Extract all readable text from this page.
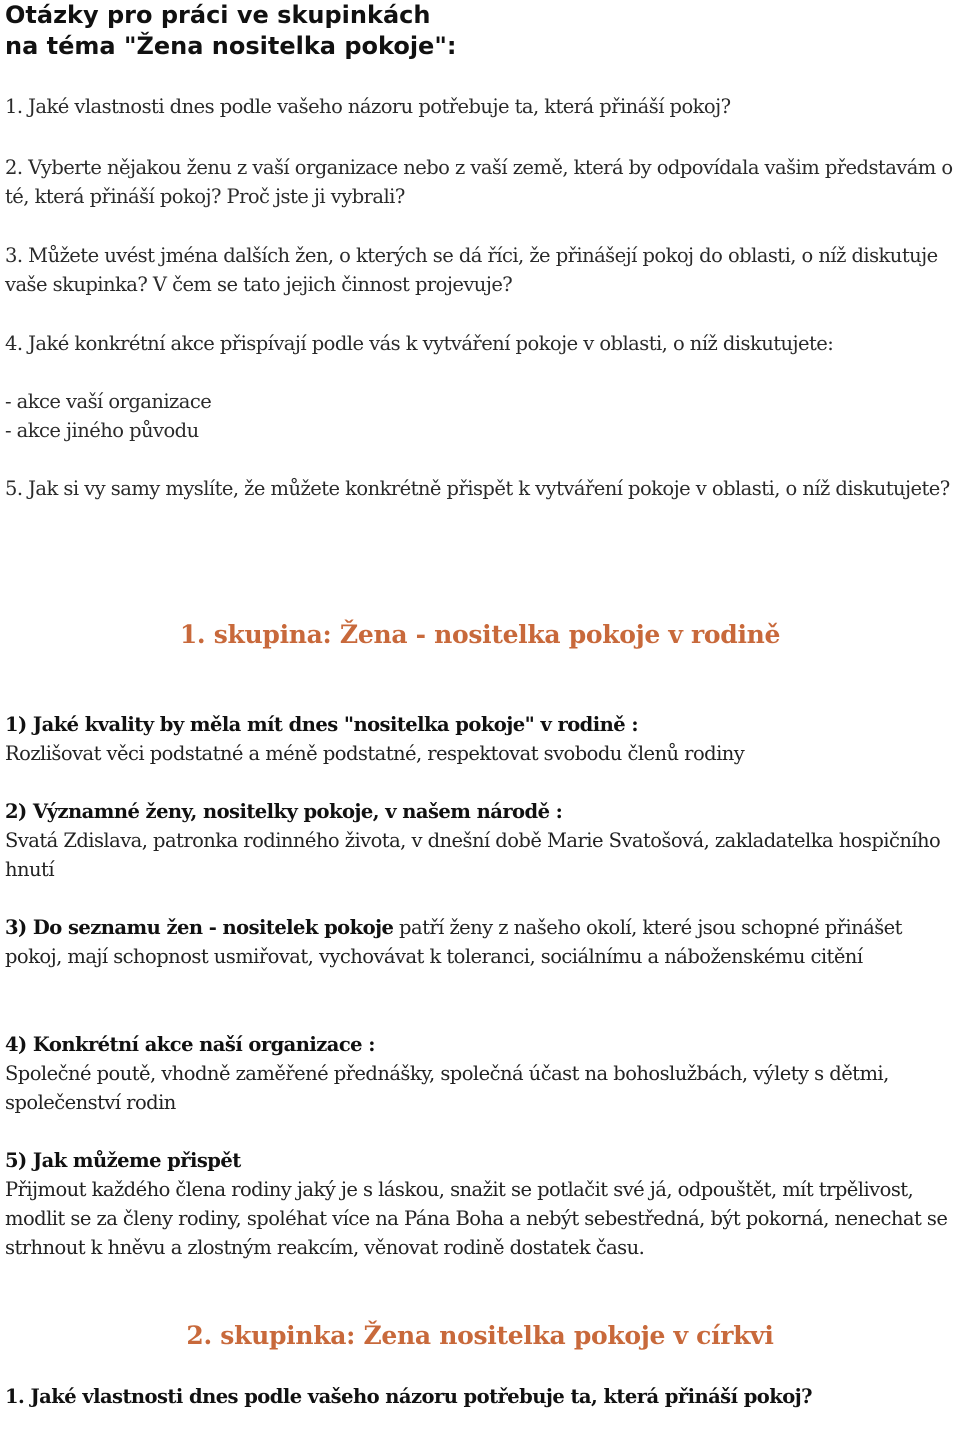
Otázky pro práci ve skupinkách
na téma "Žena nositelka pokoje":
1. Jaké vlastnosti dnes podle vašeho názoru potřebuje ta, která přináší pokoj?
2. Vyberte nějakou ženu z vaší organizace nebo z vaší země, která by odpovídala vašim představám o té, která přináší pokoj? Proč jste ji vybrali?
3. Můžete uvést jména dalších žen, o kterých se dá říci, že přinášejí pokoj do oblasti, o níž diskutuje vaše skupinka? V čem se tato jejich činnost projevuje?
4. Jaké konkrétní akce přispívají podle vás k vytváření pokoje v oblasti, o níž diskutujete:
- akce vaší organizace
- akce jiného původu
5. Jak si vy samy myslíte, že můžete konkrétně přispět k vytváření pokoje v oblasti, o níž diskutujete?
1. skupina: Žena - nositelka pokoje v rodině
1) Jaké kvality by měla mít dnes "nositelka pokoje" v rodině :
Rozlišovat věci podstatné a méně podstatné, respektovat svobodu členů rodiny
2) Významné ženy, nositelky pokoje, v našem národě :
Svatá Zdislava, patronka rodinného života, v dnešní době Marie Svatošová, zakladatelka hospičního hnutí
3) Do seznamu žen - nositelek pokoje patří ženy z našeho okolí, které jsou schopné přinášet pokoj, mají schopnost usmiřovat, vychovávat k toleranci, sociálnímu a náboženskému citění
4) Konkrétní akce naší organizace :
Společné poutě, vhodně zaměřené přednášky, společná účast na bohoslužbách, výlety s dětmi, společenství rodin
5) Jak můžeme přispět
Přijmout každého člena rodiny jaký je s láskou, snažit se potlačit své já, odpouštět, mít trpělivost, modlit se za členy rodiny, spoléhat více na Pána Boha a nebýt sebestředná, být pokorná, nenechat se strhnout k hněvu a zlostným reakcím, věnovat rodině dostatek času.
2. skupinka: Žena nositelka pokoje v církvi
1. Jaké vlastnosti dnes podle vašeho názoru potřebuje ta, která přináší pokoj?
